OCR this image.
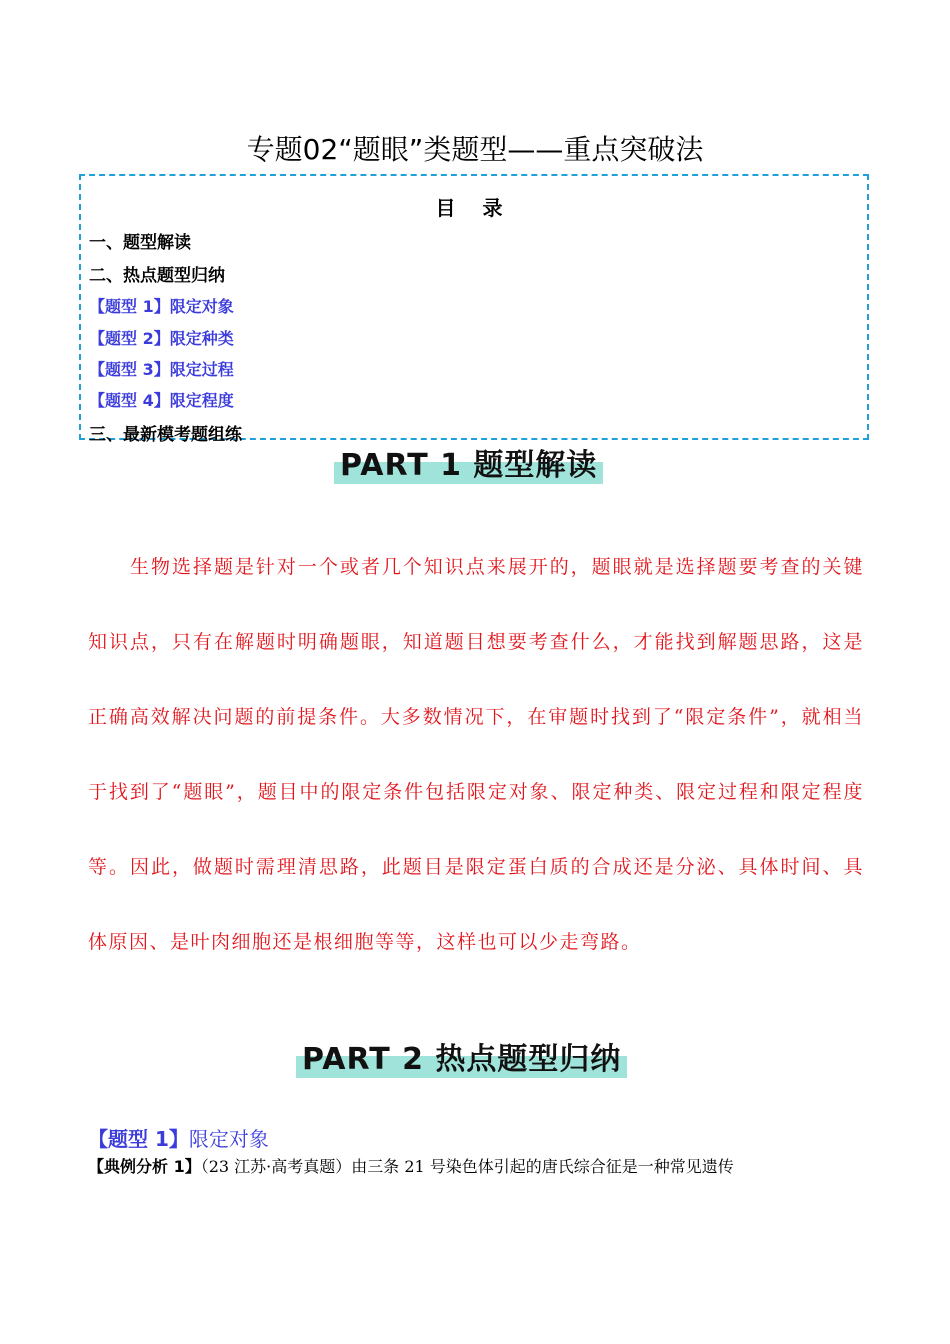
专题02“题眼”类题型——重点突破法
目 录
一、题型解读
二、热点题型归纳
【题型 1】限定对象
【题型 2】限定种类
【题型 3】限定过程
【题型 4】限定程度
三、最新模考题组练
PART 1 题型解读
生物选择题是针对一个或者几个知识点来展开的，题眼就是选择题要考查的关键知识点，只有在解题时明确题眼，知道题目想要考查什么，才能找到解题思路，这是正确高效解决问题的前提条件。大多数情况下，在审题时找到了“限定条件”，就相当于找到了“题眼”，题目中的限定条件包括限定对象、限定种类、限定过程和限定程度等。因此，做题时需理清思路，此题目是限定蛋白质的合成还是分泌、具体时间、具体原因、是叶肉细胞还是根细胞等等，这样也可以少走弯路。
PART 2 热点题型归纳
【题型 1】限定对象
【典例分析 1】（23 江苏·高考真题）由三条 21 号染色体引起的唐氏综合征是一种常见遗传
